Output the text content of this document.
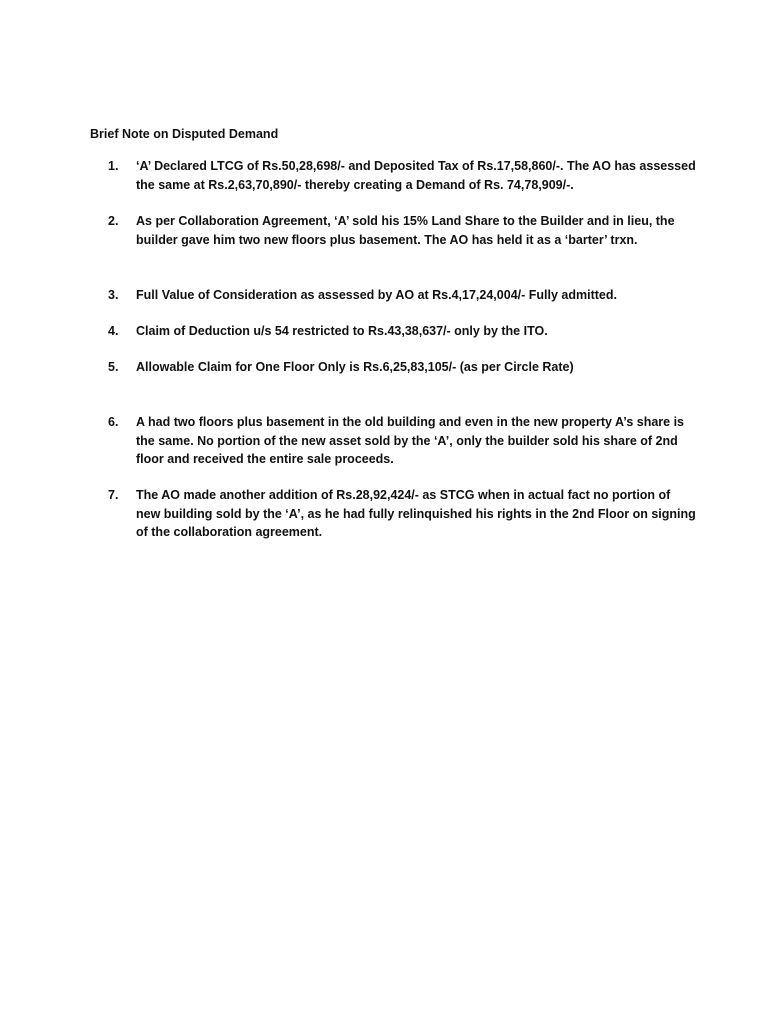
Brief Note on Disputed Demand
1.	‘A’ Declared LTCG of Rs.50,28,698/- and Deposited Tax of Rs.17,58,860/-. The AO has assessed
the same at Rs.2,63,70,890/- thereby creating a Demand of Rs. 74,78,909/-.
2.	As per Collaboration Agreement, ‘A’ sold his 15% Land Share to the Builder and in lieu, the
builder gave him two new floors plus basement. The AO has held it as a ‘barter’ trxn.
3.	Full Value of Consideration as assessed by AO at Rs.4,17,24,004/- Fully admitted.
4.	Claim of Deduction u/s 54 restricted to Rs.43,38,637/- only by the ITO.
5.	Allowable Claim for One Floor Only is Rs.6,25,83,105/- (as per Circle Rate)
6.	A had two floors plus basement in the old building and even in the new property A’s share is
the same. No portion of the new asset sold by the ‘A’, only the builder sold his share of 2nd
floor and received the entire sale proceeds.
7.	The AO made another addition of Rs.28,92,424/- as STCG when in actual fact no portion of
new building sold by the ‘A’, as he had fully relinquished his rights in the 2nd Floor on signing
of the collaboration agreement.
